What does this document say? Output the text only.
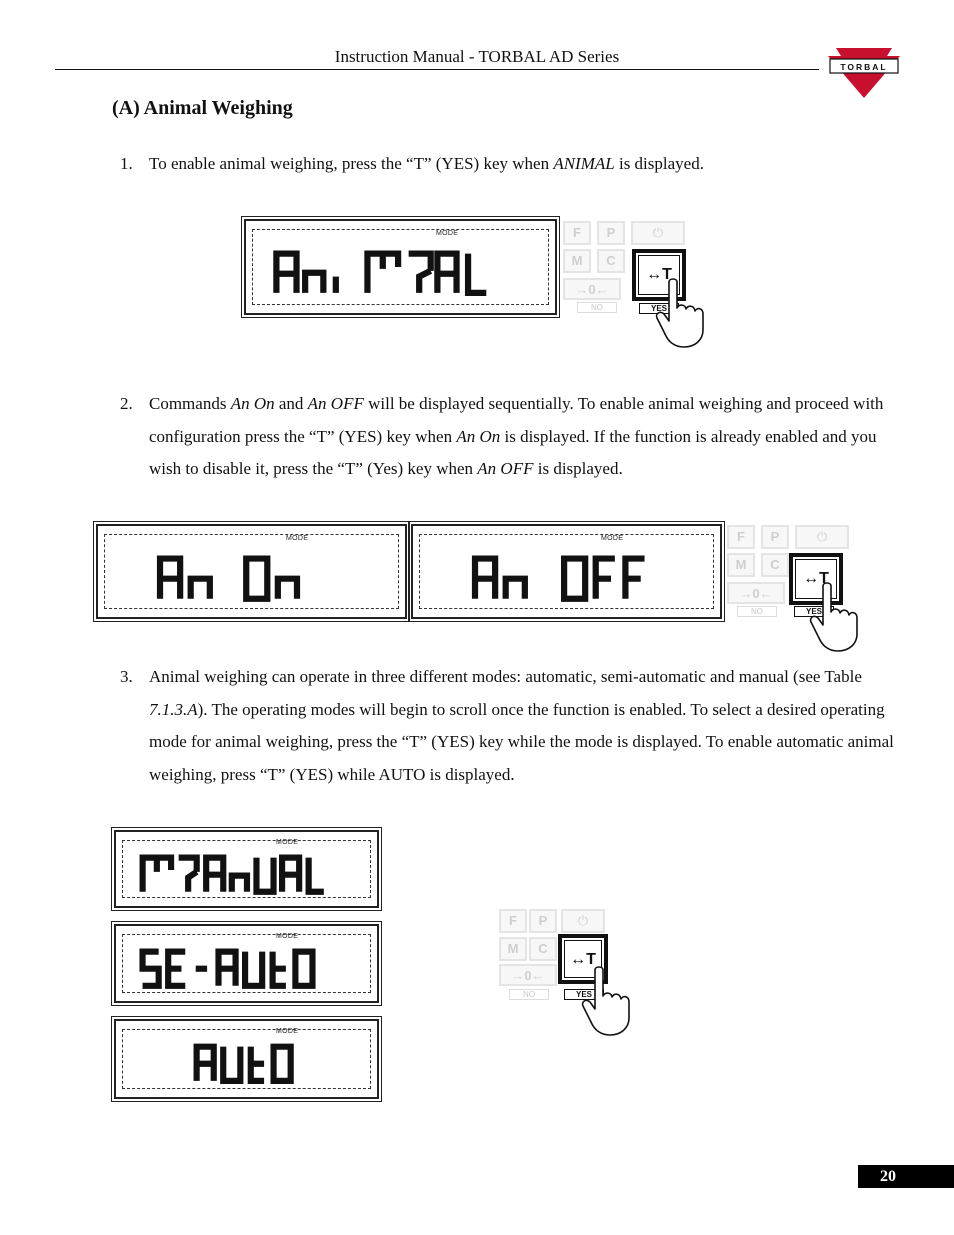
Instruction Manual - TORBAL AD Series
TORBAL
(A) Animal Weighing
1. To enable animal weighing, press the “T” (YES) key when ANIMAL is displayed.
MODE	F	P	⏻
M	C
→0←
NO
↔T
YES
2. Commands An On and An OFF will be displayed sequentially. To enable animal weighing and proceed with configuration press the “T” (YES) key when An On is displayed. If the function is already enabled and you wish to disable it, press the “T” (Yes) key when An OFF is displayed.
MODE	MODE	F	P	⏻
M	C
→0←
NO
↔T
YES
3. Animal weighing can operate in three different modes: automatic, semi-automatic and manual (see Table 7.1.3.A). The operating modes will begin to scroll once the function is enabled. To select a desired operating mode for animal weighing, press the “T” (YES) key while the mode is displayed. To enable automatic animal weighing, press “T” (YES) while AUTO is displayed.
MODE
MODE
MODE
F	P	⏻
M	C
→0←
NO
↔T
YES
20
